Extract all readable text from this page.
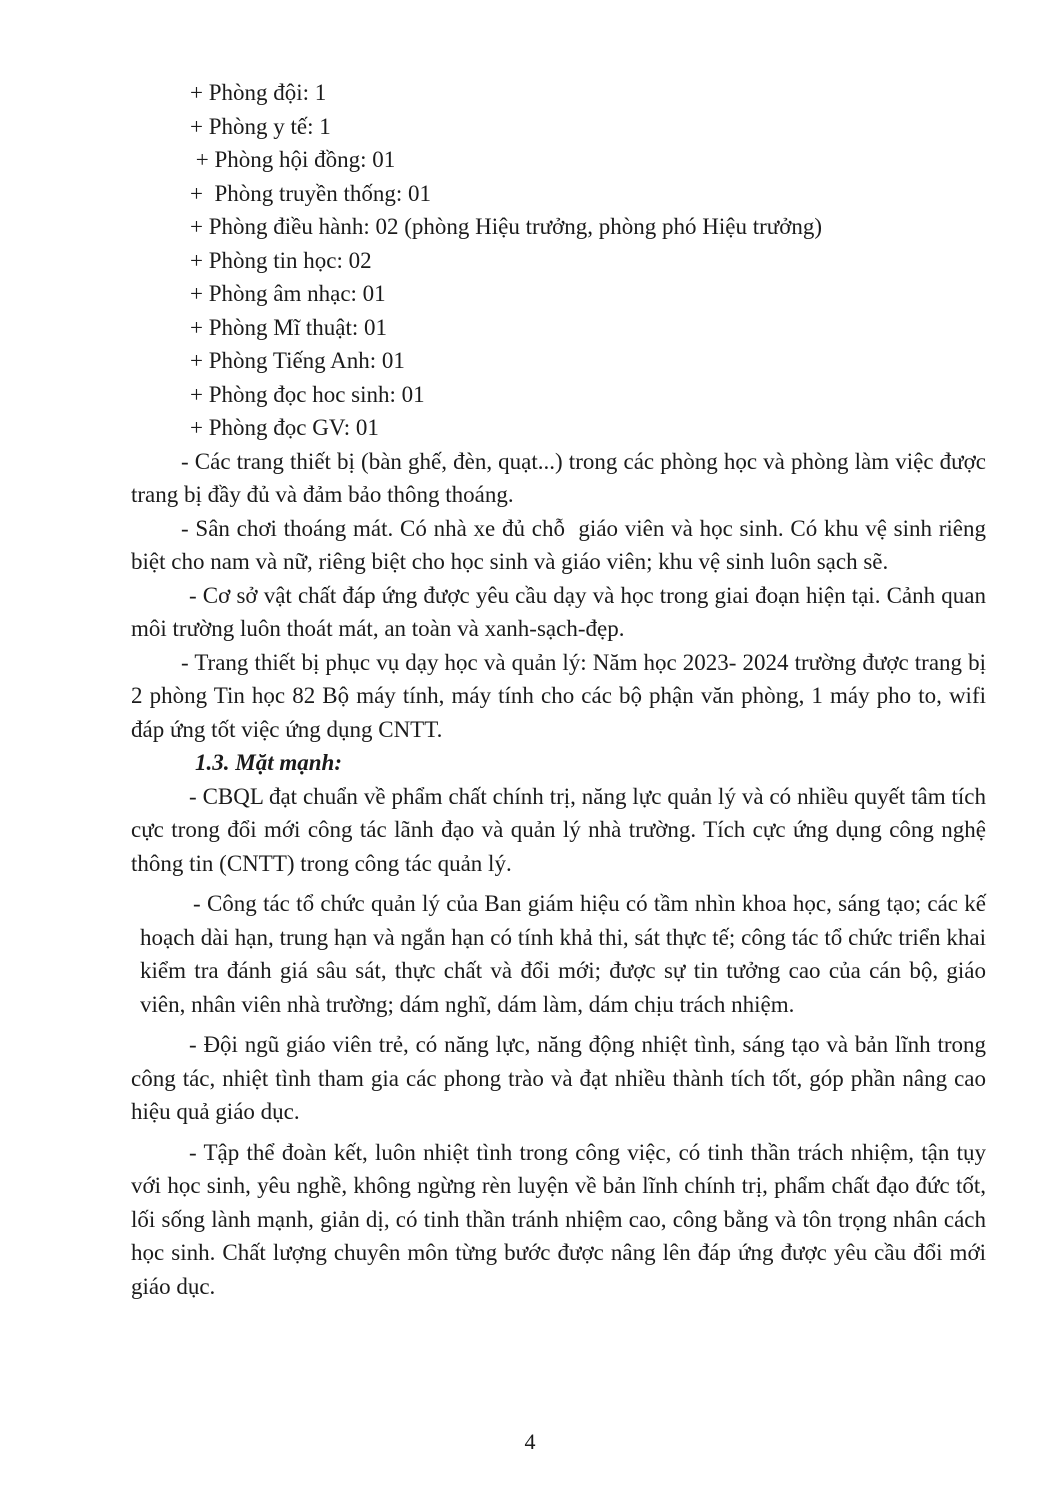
+ Phòng đội: 1
+ Phòng y tế: 1
+ Phòng hội đồng: 01
+  Phòng truyền thống: 01
+ Phòng điều hành: 02 (phòng Hiệu trưởng, phòng phó Hiệu trưởng)
+ Phòng tin học: 02
+ Phòng âm nhạc: 01
+ Phòng Mĩ thuật: 01
+ Phòng Tiếng Anh: 01
+ Phòng đọc hoc sinh: 01
+ Phòng đọc GV: 01

- Các trang thiết bị (bàn ghế, đèn, quạt...) trong các phòng học và phòng làm việc được trang bị đầy đủ và đảm bảo thông thoáng.

- Sân chơi thoáng mát. Có nhà xe đủ chỗ  giáo viên và học sinh. Có khu vệ sinh riêng biệt cho nam và nữ, riêng biệt cho học sinh và giáo viên; khu vệ sinh luôn sạch sẽ.

- Cơ sở vật chất đáp ứng được yêu cầu dạy và học trong giai đoạn hiện tại. Cảnh quan môi trường luôn thoát mát, an toàn và xanh-sạch-đẹp.

- Trang thiết bị phục vụ dạy học và quản lý: Năm học 2023- 2024 trường được trang bị 2 phòng Tin học 82 Bộ máy tính, máy tính cho các bộ phận văn phòng, 1 máy pho to, wifi đáp ứng tốt việc ứng dụng CNTT.

1.3. Mặt mạnh:

- CBQL đạt chuẩn về phẩm chất chính trị, năng lực quản lý và có nhiều quyết tâm tích cực trong đổi mới công tác lãnh đạo và quản lý nhà trường. Tích cực ứng dụng công nghệ thông tin (CNTT) trong công tác quản lý.

- Công tác tổ chức quản lý của Ban giám hiệu có tầm nhìn khoa học, sáng tạo; các kế hoạch dài hạn, trung hạn và ngắn hạn có tính khả thi, sát thực tế; công tác tổ chức triển khai kiểm tra đánh giá sâu sát, thực chất và đổi mới; được sự tin tưởng cao của cán bộ, giáo viên, nhân viên nhà trường; dám nghĩ, dám làm, dám chịu trách nhiệm.

- Đội ngũ giáo viên trẻ, có năng lực, năng động nhiệt tình, sáng tạo và bản lĩnh trong công tác, nhiệt tình tham gia các phong trào và đạt nhiều thành tích tốt, góp phần nâng cao hiệu quả giáo dục.

- Tập thể đoàn kết, luôn nhiệt tình trong công việc, có tinh thần trách nhiệm, tận tụy với học sinh, yêu nghề, không ngừng rèn luyện về bản lĩnh chính trị, phẩm chất đạo đức tốt, lối sống lành mạnh, giản dị, có tinh thần tránh nhiệm cao, công bằng và tôn trọng nhân cách học sinh. Chất lượng chuyên môn từng bước được nâng lên đáp ứng được yêu cầu đổi mới giáo dục.

4
